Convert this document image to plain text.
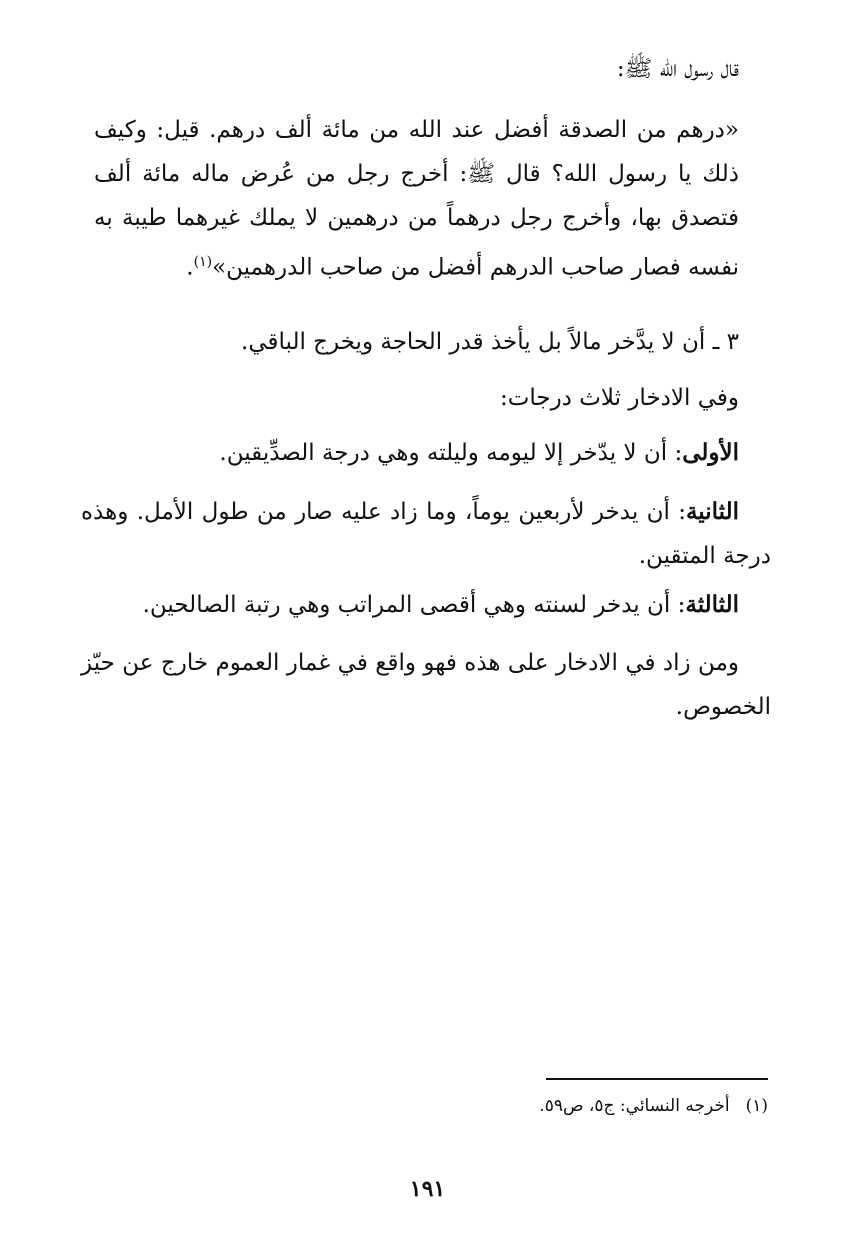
قال رسول الله ﷺ:
«درهم من الصدقة أفضل عند الله من مائة ألف درهم. قيل: وكيف ذلك يا رسول الله؟ قال ﷺ: أخرج رجل من عُرض ماله مائة ألف فتصدق بها، وأخرج رجل درهماً من درهمين لا يملك غيرهما طيبة به نفسه فصار صاحب الدرهم أفضل من صاحب الدرهمين»$^{(١)}$.
٣ ـ أن لا يدَّخر مالاً بل يأخذ قدر الحاجة ويخرج الباقي.
وفي الادخار ثلاث درجات:
الأولى: أن لا يدّخر إلا ليومه وليلته وهي درجة الصدِّيقين.
الثانية: أن يدخر لأربعين يوماً، وما زاد عليه صار من طول الأمل. وهذه درجة المتقين.
الثالثة: أن يدخر لسنته وهي أقصى المراتب وهي رتبة الصالحين.
ومن زاد في الادخار على هذه فهو واقع في غمار العموم خارج عن حيّز الخصوص.
(١)أخرجه النسائي: ج٥، ص٥٩.
١٩١
